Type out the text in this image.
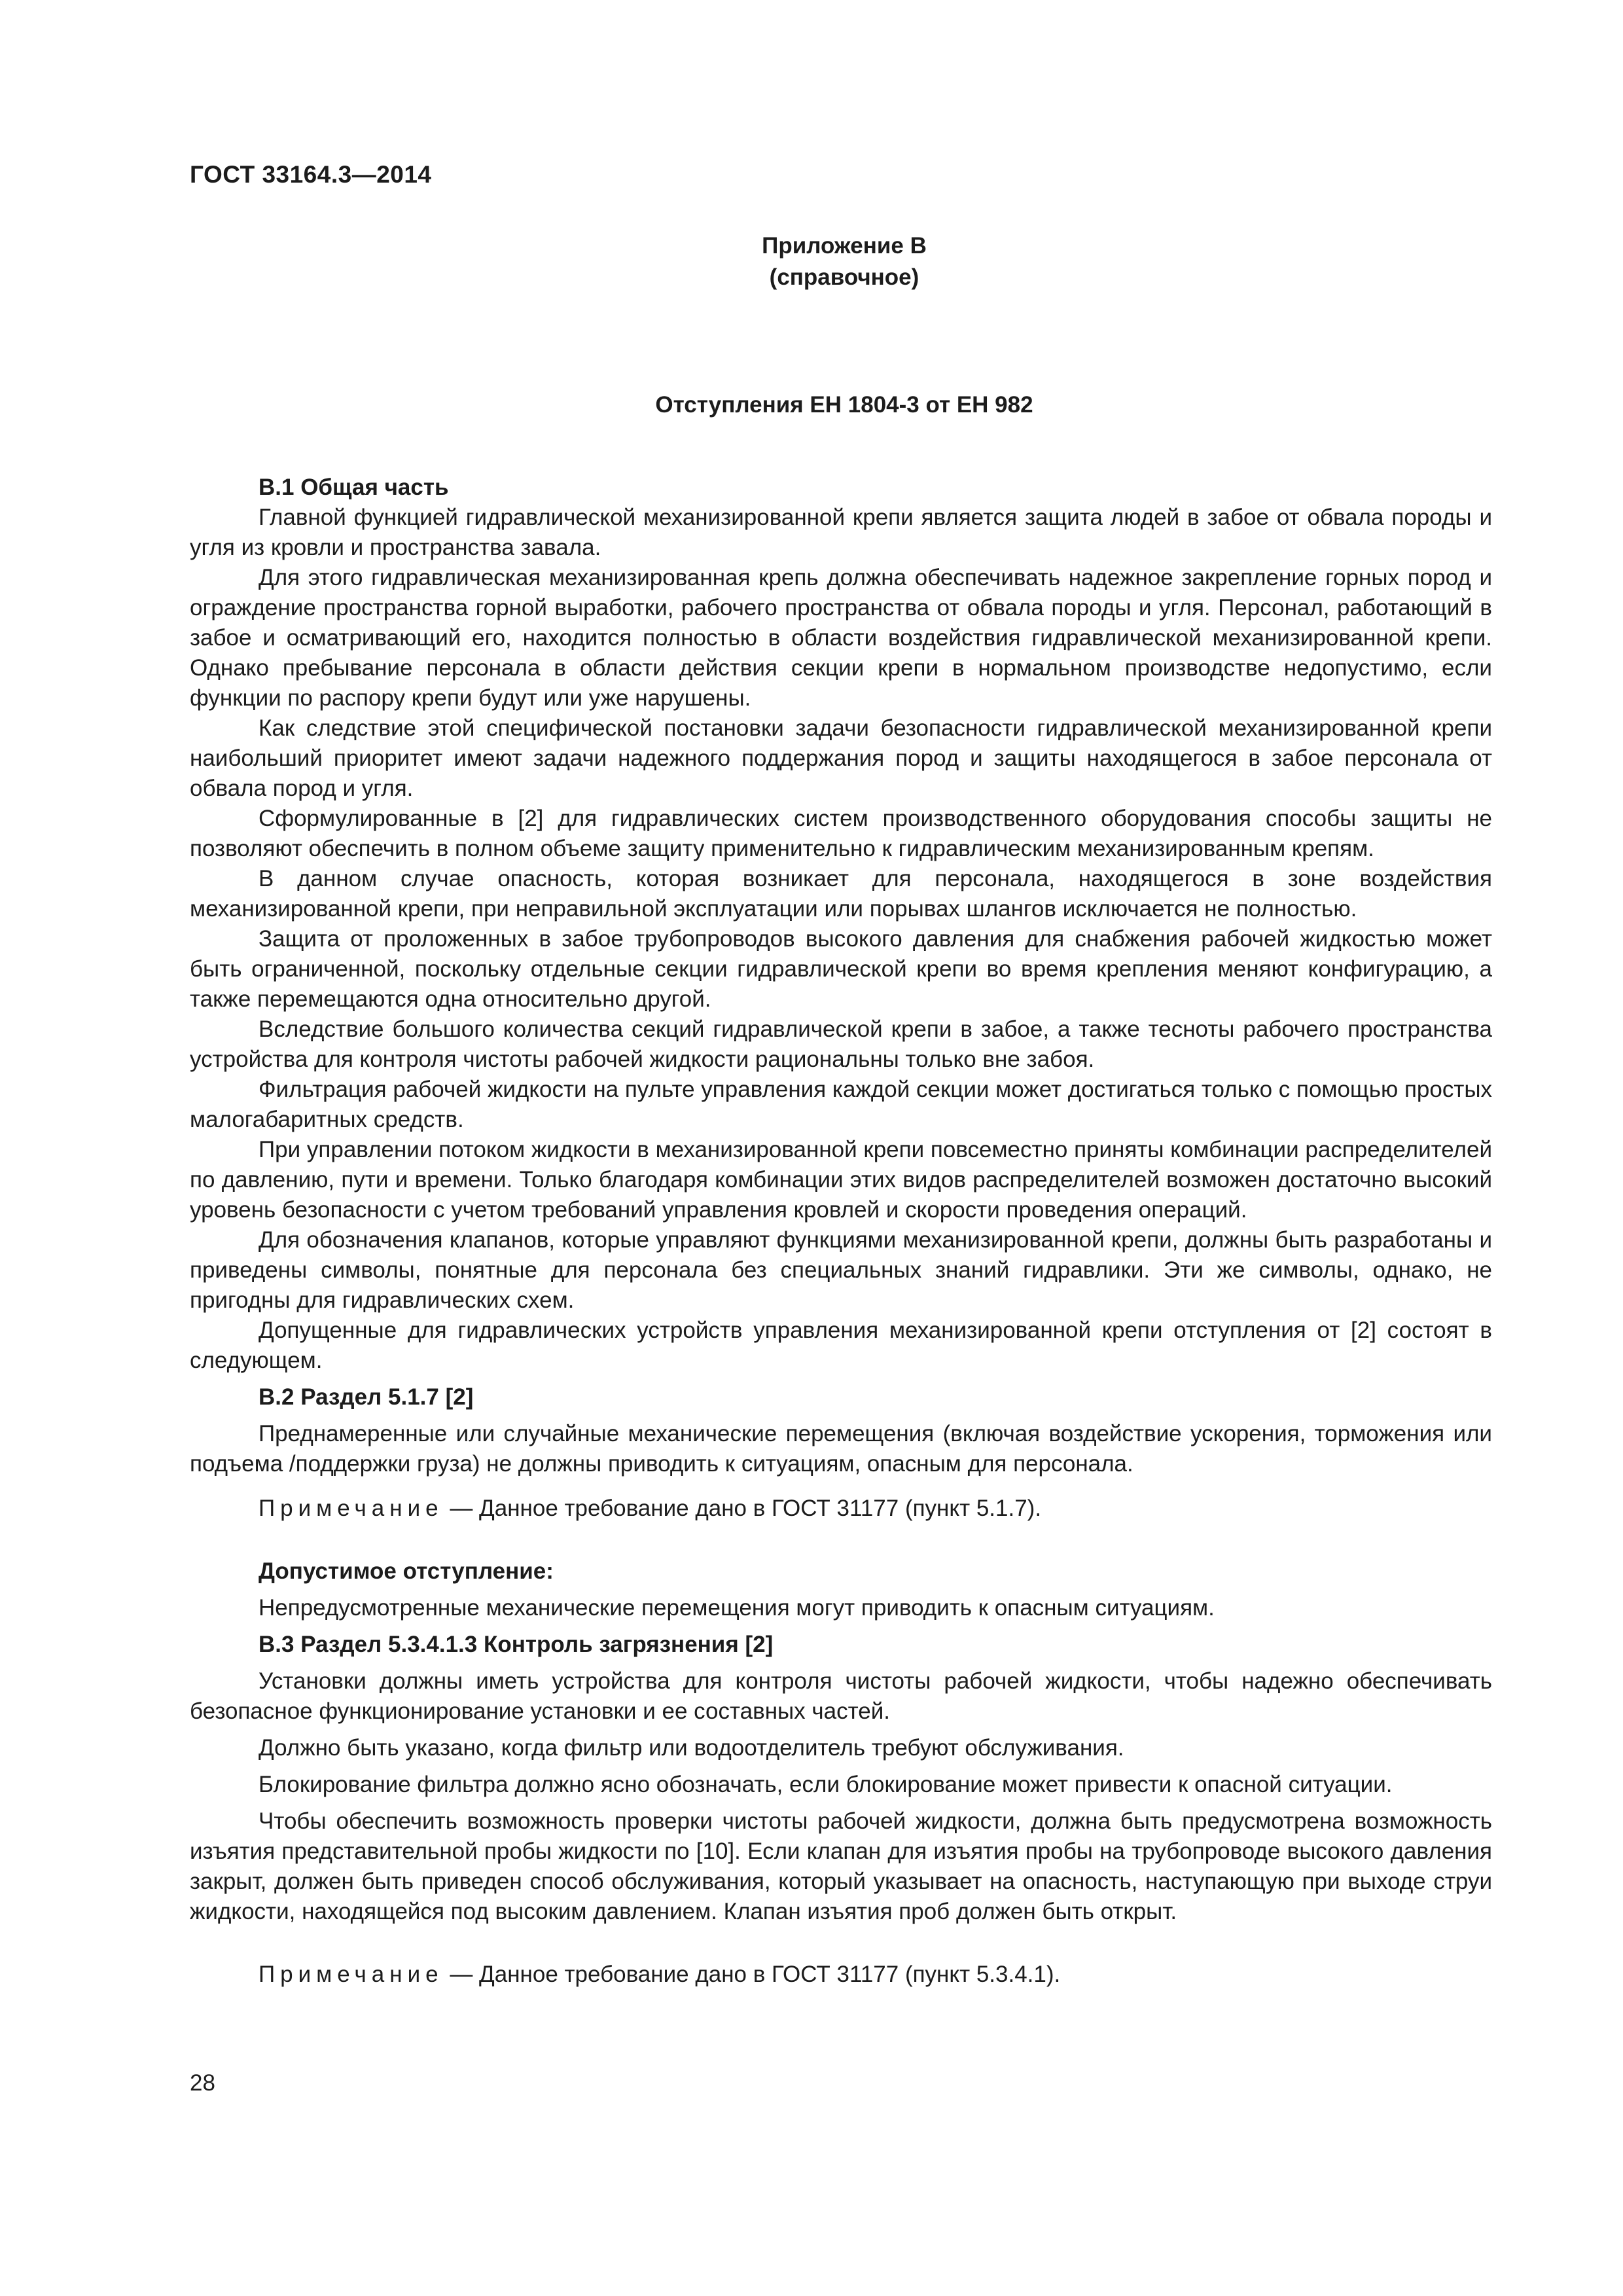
ГОСТ 33164.3—2014
Приложение В
(справочное)
Отступления ЕН 1804-3 от ЕН 982
В.1 Общая часть

Главной функцией гидравлической механизированной крепи является защита людей в забое от обвала породы и угля из кровли и пространства завала.

Для этого гидравлическая механизированная крепь должна обеспечивать надежное закрепление горных пород и ограждение пространства горной выработки, рабочего пространства от обвала породы и угля. Персонал, работающий в забое и осматривающий его, находится полностью в области воздействия гидравлической механизированной крепи. Однако пребывание персонала в области действия секции крепи в нормальном производстве недопустимо, если функции по распору крепи будут или уже нарушены.

Как следствие этой специфической постановки задачи безопасности гидравлической механизированной крепи наибольший приоритет имеют задачи надежного поддержания пород и защиты находящегося в забое персонала от обвала пород и угля.

Сформулированные в [2] для гидравлических систем производственного оборудования способы защиты не позволяют обеспечить в полном объеме защиту применительно к гидравлическим механизированным крепям.

В данном случае опасность, которая возникает для персонала, находящегося в зоне воздействия механизированной крепи, при неправильной эксплуатации или порывах шлангов исключается не полностью.

Защита от проложенных в забое трубопроводов высокого давления для снабжения рабочей жидкостью может быть ограниченной, поскольку отдельные секции гидравлической крепи во время крепления меняют конфигурацию, а также перемещаются одна относительно другой.

Вследствие большого количества секций гидравлической крепи в забое, а также тесноты рабочего пространства устройства для контроля чистоты рабочей жидкости рациональны только вне забоя.

Фильтрация рабочей жидкости на пульте управления каждой секции может достигаться только с помощью простых малогабаритных средств.

При управлении потоком жидкости в механизированной крепи повсеместно приняты комбинации распределителей по давлению, пути и времени. Только благодаря комбинации этих видов распределителей возможен достаточно высокий уровень безопасности с учетом требований управления кровлей и скорости проведения операций.

Для обозначения клапанов, которые управляют функциями механизированной крепи, должны быть разработаны и приведены символы, понятные для персонала без специальных знаний гидравлики. Эти же символы, однако, не пригодны для гидравлических схем.

Допущенные для гидравлических устройств управления механизированной крепи отступления от [2] состоят в следующем.

В.2 Раздел 5.1.7 [2]

Преднамеренные или случайные механические перемещения (включая воздействие ускорения, торможения или подъема /поддержки груза) не должны приводить к ситуациям, опасным для персонала.

Примечание — Данное требование дано в ГОСТ 31177 (пункт 5.1.7).

Допустимое отступление:

Непредусмотренные механические перемещения могут приводить к опасным ситуациям.

В.3 Раздел 5.3.4.1.3 Контроль загрязнения [2]

Установки должны иметь устройства для контроля чистоты рабочей жидкости, чтобы надежно обеспечивать безопасное функционирование установки и ее составных частей.

Должно быть указано, когда фильтр или водоотделитель требуют обслуживания.

Блокирование фильтра должно ясно обозначать, если блокирование может привести к опасной ситуации.

Чтобы обеспечить возможность проверки чистоты рабочей жидкости, должна быть предусмотрена возможность изъятия представительной пробы жидкости по [10]. Если клапан для изъятия пробы на трубопроводе высокого давления закрыт, должен быть приведен способ обслуживания, который указывает на опасность, наступающую при выходе струи жидкости, находящейся под высоким давлением. Клапан изъятия проб должен быть открыт.

Примечание — Данное требование дано в ГОСТ 31177 (пункт 5.3.4.1).

28
